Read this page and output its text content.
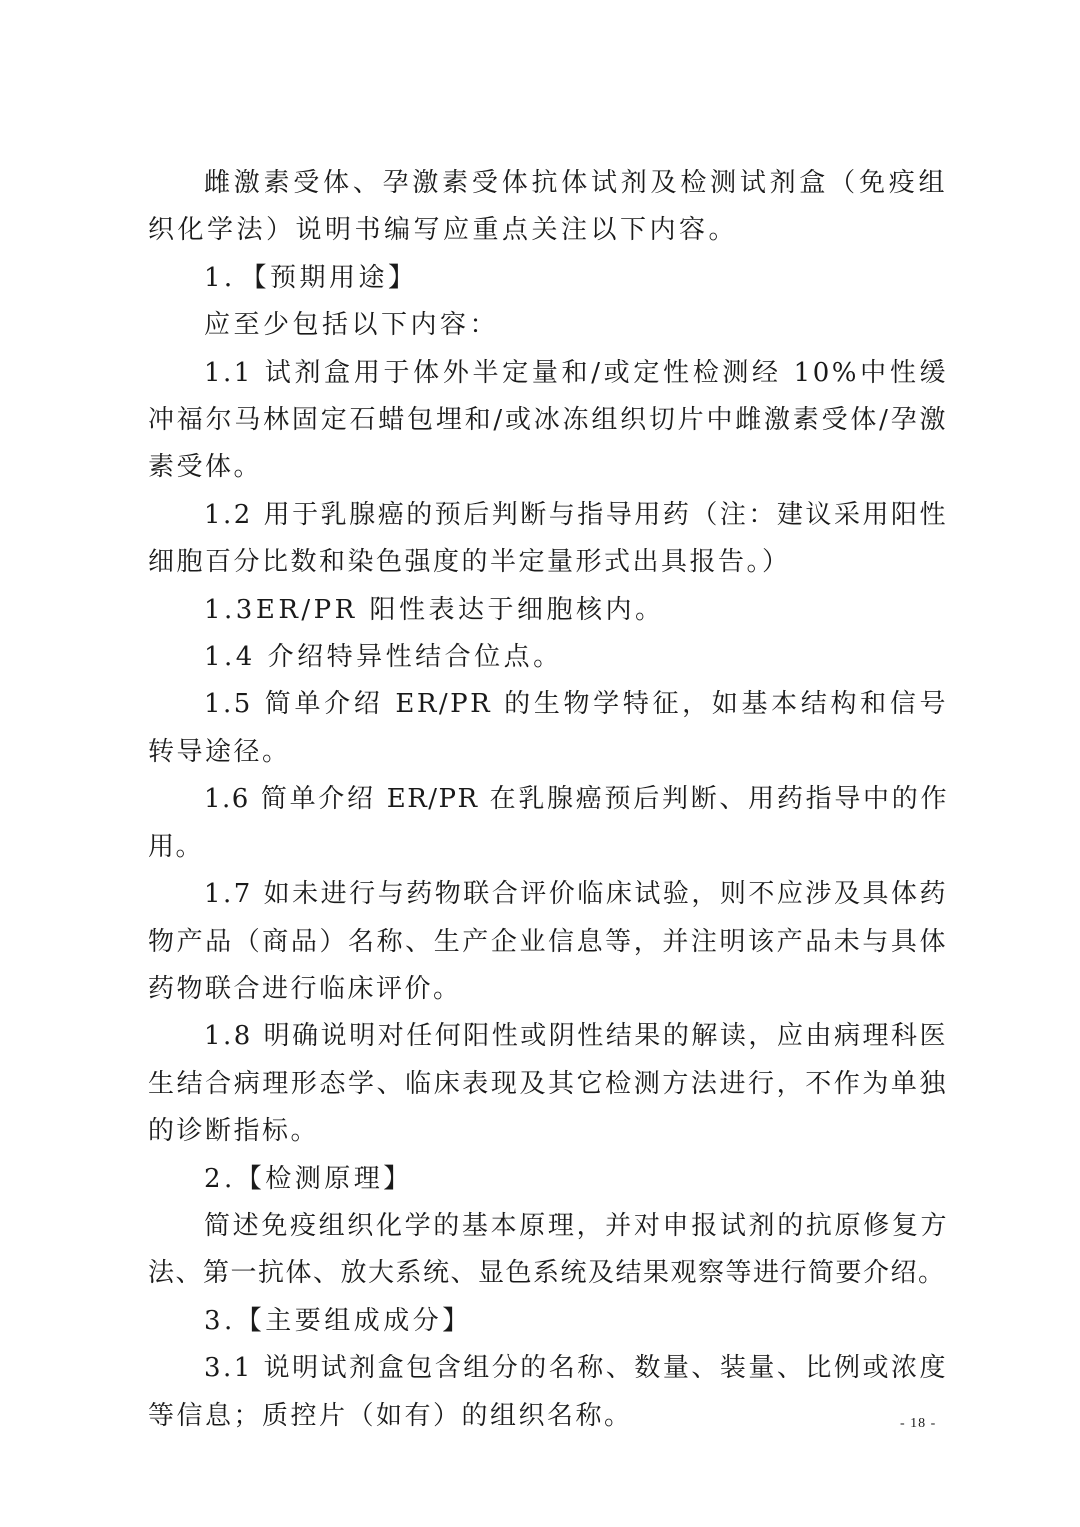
雌激素受体、孕激素受体抗体试剂及检测试剂盒（免疫组织化学法）说明书编写应重点关注以下内容。

1．【预期用途】

应至少包括以下内容：

1.1 试剂盒用于体外半定量和/或定性检测经 10%中性缓冲福尔马林固定石蜡包埋和/或冰冻组织切片中雌激素受体/孕激素受体。

1.2 用于乳腺癌的预后判断与指导用药（注：建议采用阳性细胞百分比数和染色强度的半定量形式出具报告。）

1.3ER/PR 阳性表达于细胞核内。

1.4 介绍特异性结合位点。

1.5 简单介绍 ER/PR 的生物学特征，如基本结构和信号转导途径。

1.6 简单介绍 ER/PR 在乳腺癌预后判断、用药指导中的作用。

1.7 如未进行与药物联合评价临床试验，则不应涉及具体药物产品（商品）名称、生产企业信息等，并注明该产品未与具体药物联合进行临床评价。

1.8 明确说明对任何阳性或阴性结果的解读，应由病理科医生结合病理形态学、临床表现及其它检测方法进行，不作为单独的诊断指标。

2.【检测原理】

简述免疫组织化学的基本原理，并对申报试剂的抗原修复方法、第一抗体、放大系统、显色系统及结果观察等进行简要介绍。

3.【主要组成成分】

3.1 说明试剂盒包含组分的名称、数量、装量、比例或浓度等信息；质控片（如有）的组织名称。	- 18 -
